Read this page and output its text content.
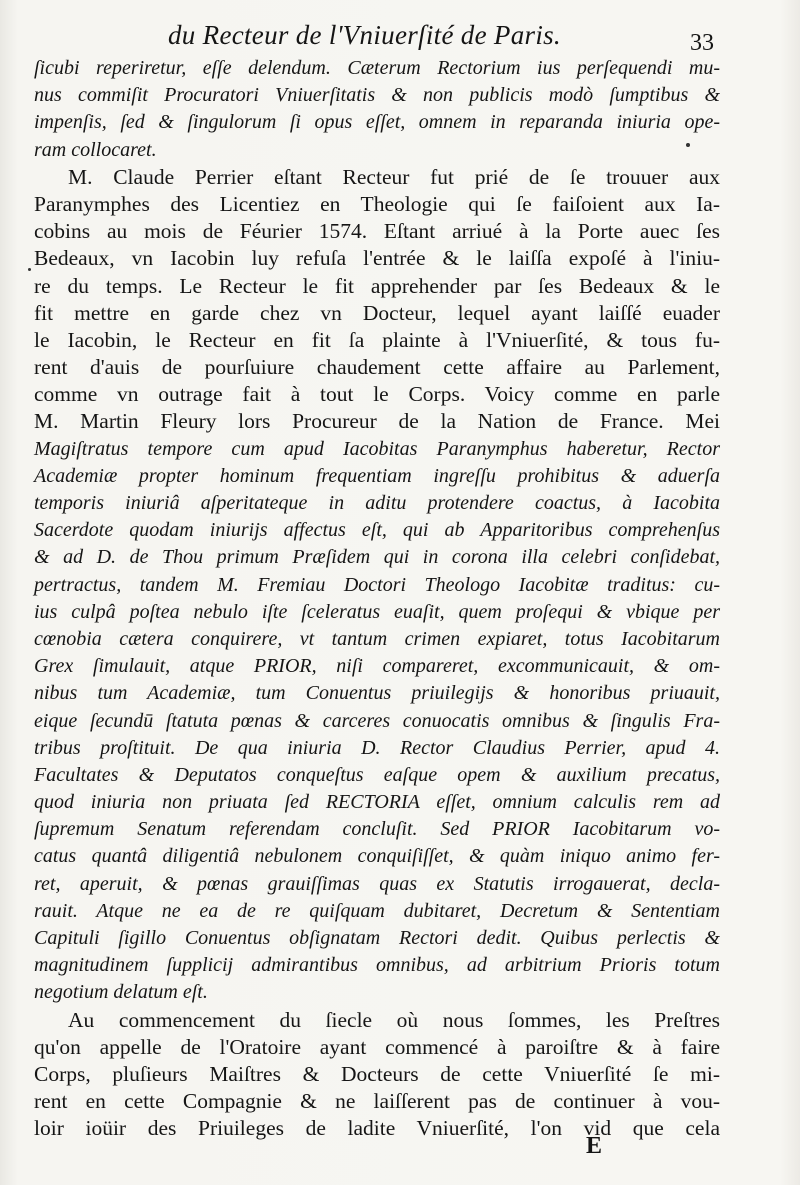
du Recteur de l'Vniuerſité de Paris.	33
ſicubi reperiretur, eſſe delendum. Cæterum Rectorium ius perſequendi mu-
nus commiſit Procuratori Vniuerſitatis & non publicis modò ſumptibus &
impenſis, ſed & ſingulorum ſi opus eſſet, omnem in reparanda iniuria ope-
ram collocaret.
M. Claude Perrier eſtant Recteur fut prié de ſe trouuer aux
Paranymphes des Licentiez en Theologie qui ſe faiſoient aux Ia-
cobins au mois de Féurier 1574. Eſtant arriué à la Porte auec ſes
Bedeaux, vn Iacobin luy refuſa l'entrée & le laiſſa expoſé à l'iniu-
re du temps. Le Recteur le fit apprehender par ſes Bedeaux & le
fit mettre en garde chez vn Docteur, lequel ayant laiſſé euader
le Iacobin, le Recteur en fit ſa plainte à l'Vniuerſité, & tous fu-
rent d'auis de pourſuiure chaudement cette affaire au Parlement,
comme vn outrage fait à tout le Corps. Voicy comme en parle
M. Martin Fleury lors Procureur de la Nation de France. Mei
Magiſtratus tempore cum apud Iacobitas Paranymphus haberetur, Rector
Academiæ propter hominum frequentiam ingreſſu prohibitus & aduerſa
temporis iniuriâ aſperitateque in aditu protendere coactus, à Iacobita
Sacerdote quodam iniurijs affectus eſt, qui ab Apparitoribus comprehenſus
& ad D. de Thou primum Præſidem qui in corona illa celebri conſidebat,
pertractus, tandem M. Fremiau Doctori Theologo Iacobitæ traditus: cu-
ius culpâ poſtea nebulo iſte ſceleratus euaſit, quem proſequi & vbique per
cœnobia cætera conquirere, vt tantum crimen expiaret, totus Iacobitarum
Grex ſimulauit, atque PRIOR, niſi compareret, excommunicauit, & om-
nibus tum Academiæ, tum Conuentus priuilegijs & honoribus priuauit,
eique ſecundū ſtatuta pœnas & carceres conuocatis omnibus & ſingulis Fra-
tribus proſtituit. De qua iniuria D. Rector Claudius Perrier, apud 4.
Facultates & Deputatos conqueſtus eaſque opem & auxilium precatus,
quod iniuria non priuata ſed RECTORIA eſſet, omnium calculis rem ad
ſupremum Senatum referendam concluſit. Sed PRIOR Iacobitarum vo-
catus quantâ diligentiâ nebulonem conquiſiſſet, & quàm iniquo animo fer-
ret, aperuit, & pœnas grauiſſimas quas ex Statutis irrogauerat, decla-
rauit. Atque ne ea de re quiſquam dubitaret, Decretum & Sententiam
Capituli ſigillo Conuentus obſignatam Rectori dedit. Quibus perlectis &
magnitudinem ſupplicij admirantibus omnibus, ad arbitrium Prioris totum
negotium delatum eſt.
Au commencement du ſiecle où nous ſommes, les Preſtres
qu'on appelle de l'Oratoire ayant commencé à paroiſtre & à faire
Corps, pluſieurs Maiſtres & Docteurs de cette Vniuerſité ſe mi-
rent en cette Compagnie & ne laiſſerent pas de continuer à vou-
loir ioüir des Priuileges de ladite Vniuerſité, l'on vid que cela
E
